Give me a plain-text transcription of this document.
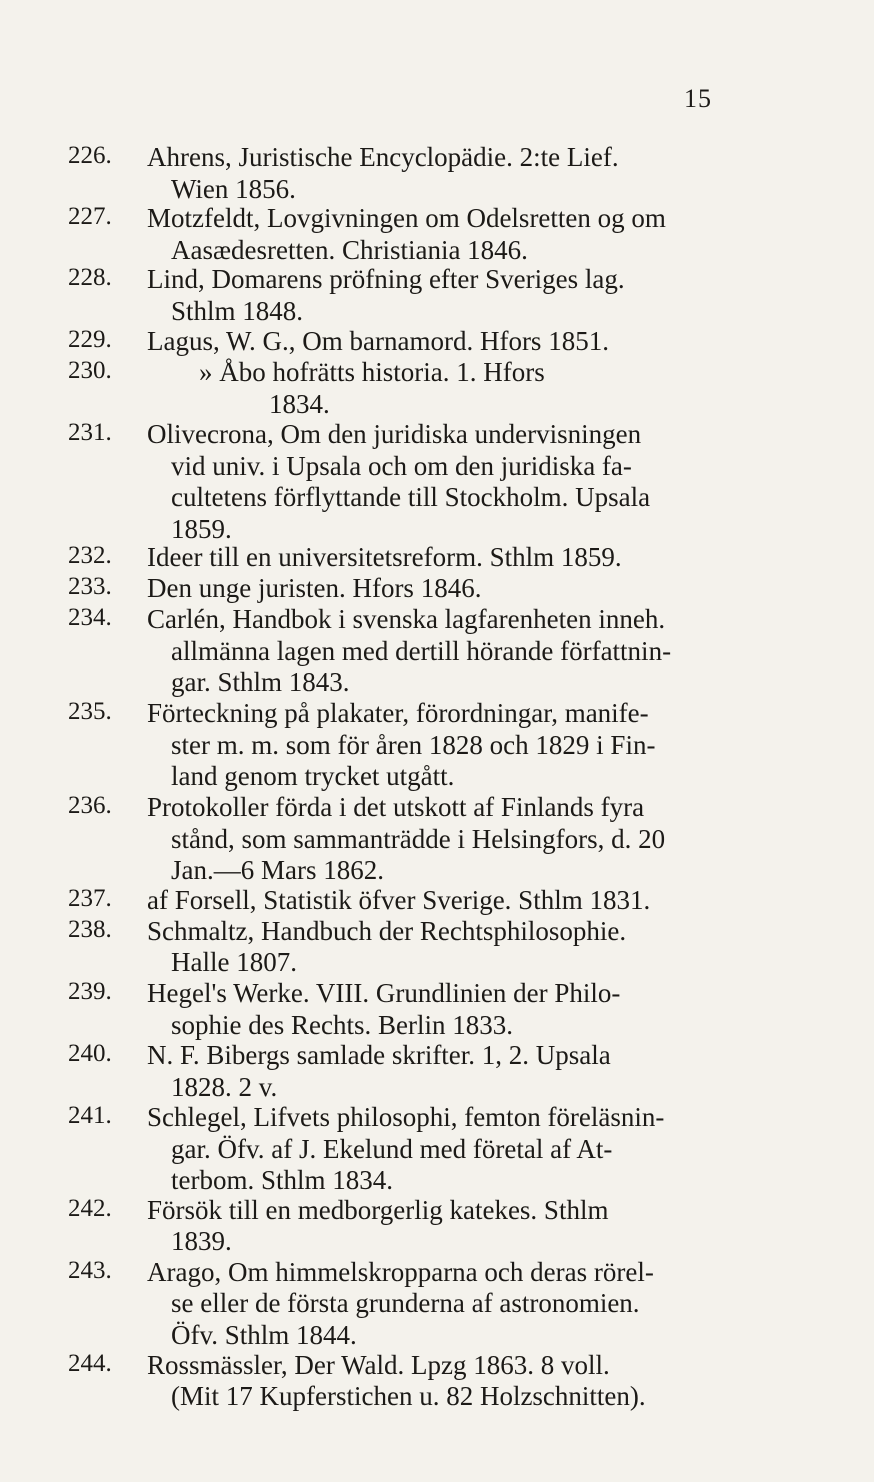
15
226. Ahrens, Juristische Encyclopädie. 2:te Lief.
Wien 1856.
227. Motzfeldt, Lovgivningen om Odelsretten og om
Aasædesretten. Christiania 1846.
228. Lind, Domarens pröfning efter Sveriges lag.
Sthlm 1848.
229. Lagus, W. G., Om barnamord. Hfors 1851.
230.	» Åbo hofrätts historia. 1. Hfors
1834.
231. Olivecrona, Om den juridiska undervisningen
vid univ. i Upsala och om den juridiska fa-
cultetens förflyttande till Stockholm. Upsala
1859.
232. Ideer till en universitetsreform. Sthlm 1859.
233. Den unge juristen. Hfors 1846.
234. Carlén, Handbok i svenska lagfarenheten inneh.
allmänna lagen med dertill hörande författnin-
gar. Sthlm 1843.
235. Förteckning på plakater, förordningar, manife-
ster m. m. som för åren 1828 och 1829 i Fin-
land genom trycket utgått.
236. Protokoller förda i det utskott af Finlands fyra
stånd, som sammanträdde i Helsingfors, d. 20
Jan.—6 Mars 1862.
237. af Forsell, Statistik öfver Sverige. Sthlm 1831.
238. Schmaltz, Handbuch der Rechtsphilosophie.
Halle 1807.
239. Hegel's Werke. VIII. Grundlinien der Philo-
sophie des Rechts. Berlin 1833.
240. N. F. Bibergs samlade skrifter. 1, 2. Upsala
1828. 2 v.
241. Schlegel, Lifvets philosophi, femton föreläsnin-
gar. Öfv. af J. Ekelund med företal af At-
terbom. Sthlm 1834.
242. Försök till en medborgerlig katekes. Sthlm
1839.
243. Arago, Om himmelskropparna och deras rörel-
se eller de första grunderna af astronomien.
Öfv. Sthlm 1844.
244. Rossmässler, Der Wald. Lpzg 1863. 8 voll.
(Mit 17 Kupferstichen u. 82 Holzschnitten).
